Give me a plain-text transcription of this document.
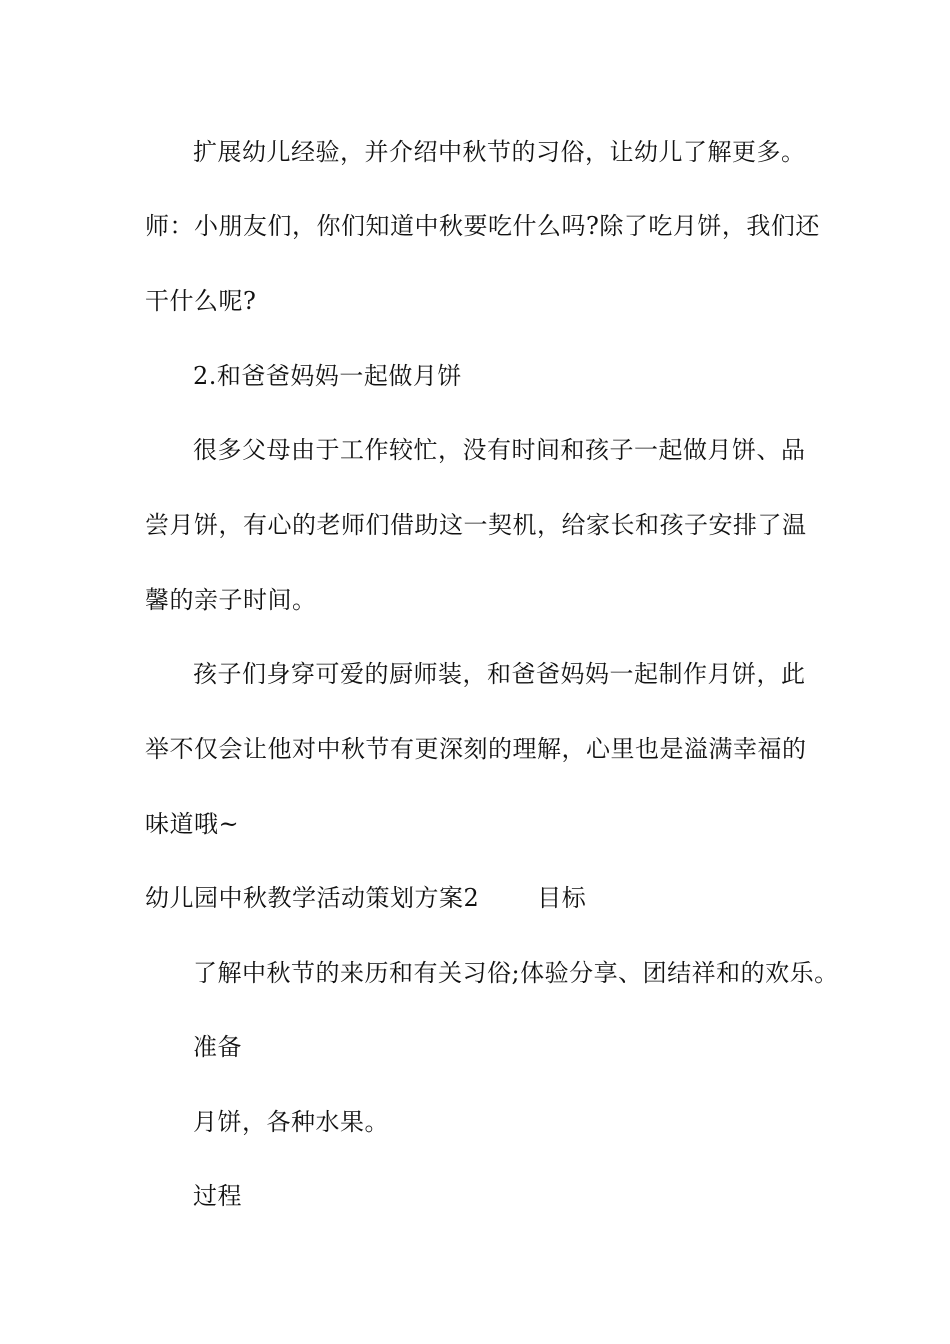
扩展幼儿经验，并介绍中秋节的习俗，让幼儿了解更多。
师：小朋友们，你们知道中秋要吃什么吗?除了吃月饼，我们还
干什么呢?
2.和爸爸妈妈一起做月饼
很多父母由于工作较忙，没有时间和孩子一起做月饼、品
尝月饼，有心的老师们借助这一契机，给家长和孩子安排了温
馨的亲子时间。
孩子们身穿可爱的厨师装，和爸爸妈妈一起制作月饼，此
举不仅会让他对中秋节有更深刻的理解，心里也是溢满幸福的
味道哦~
幼儿园中秋教学活动策划方案2 目标
了解中秋节的来历和有关习俗;体验分享、团结祥和的欢乐。
准备
月饼，各种水果。
过程
